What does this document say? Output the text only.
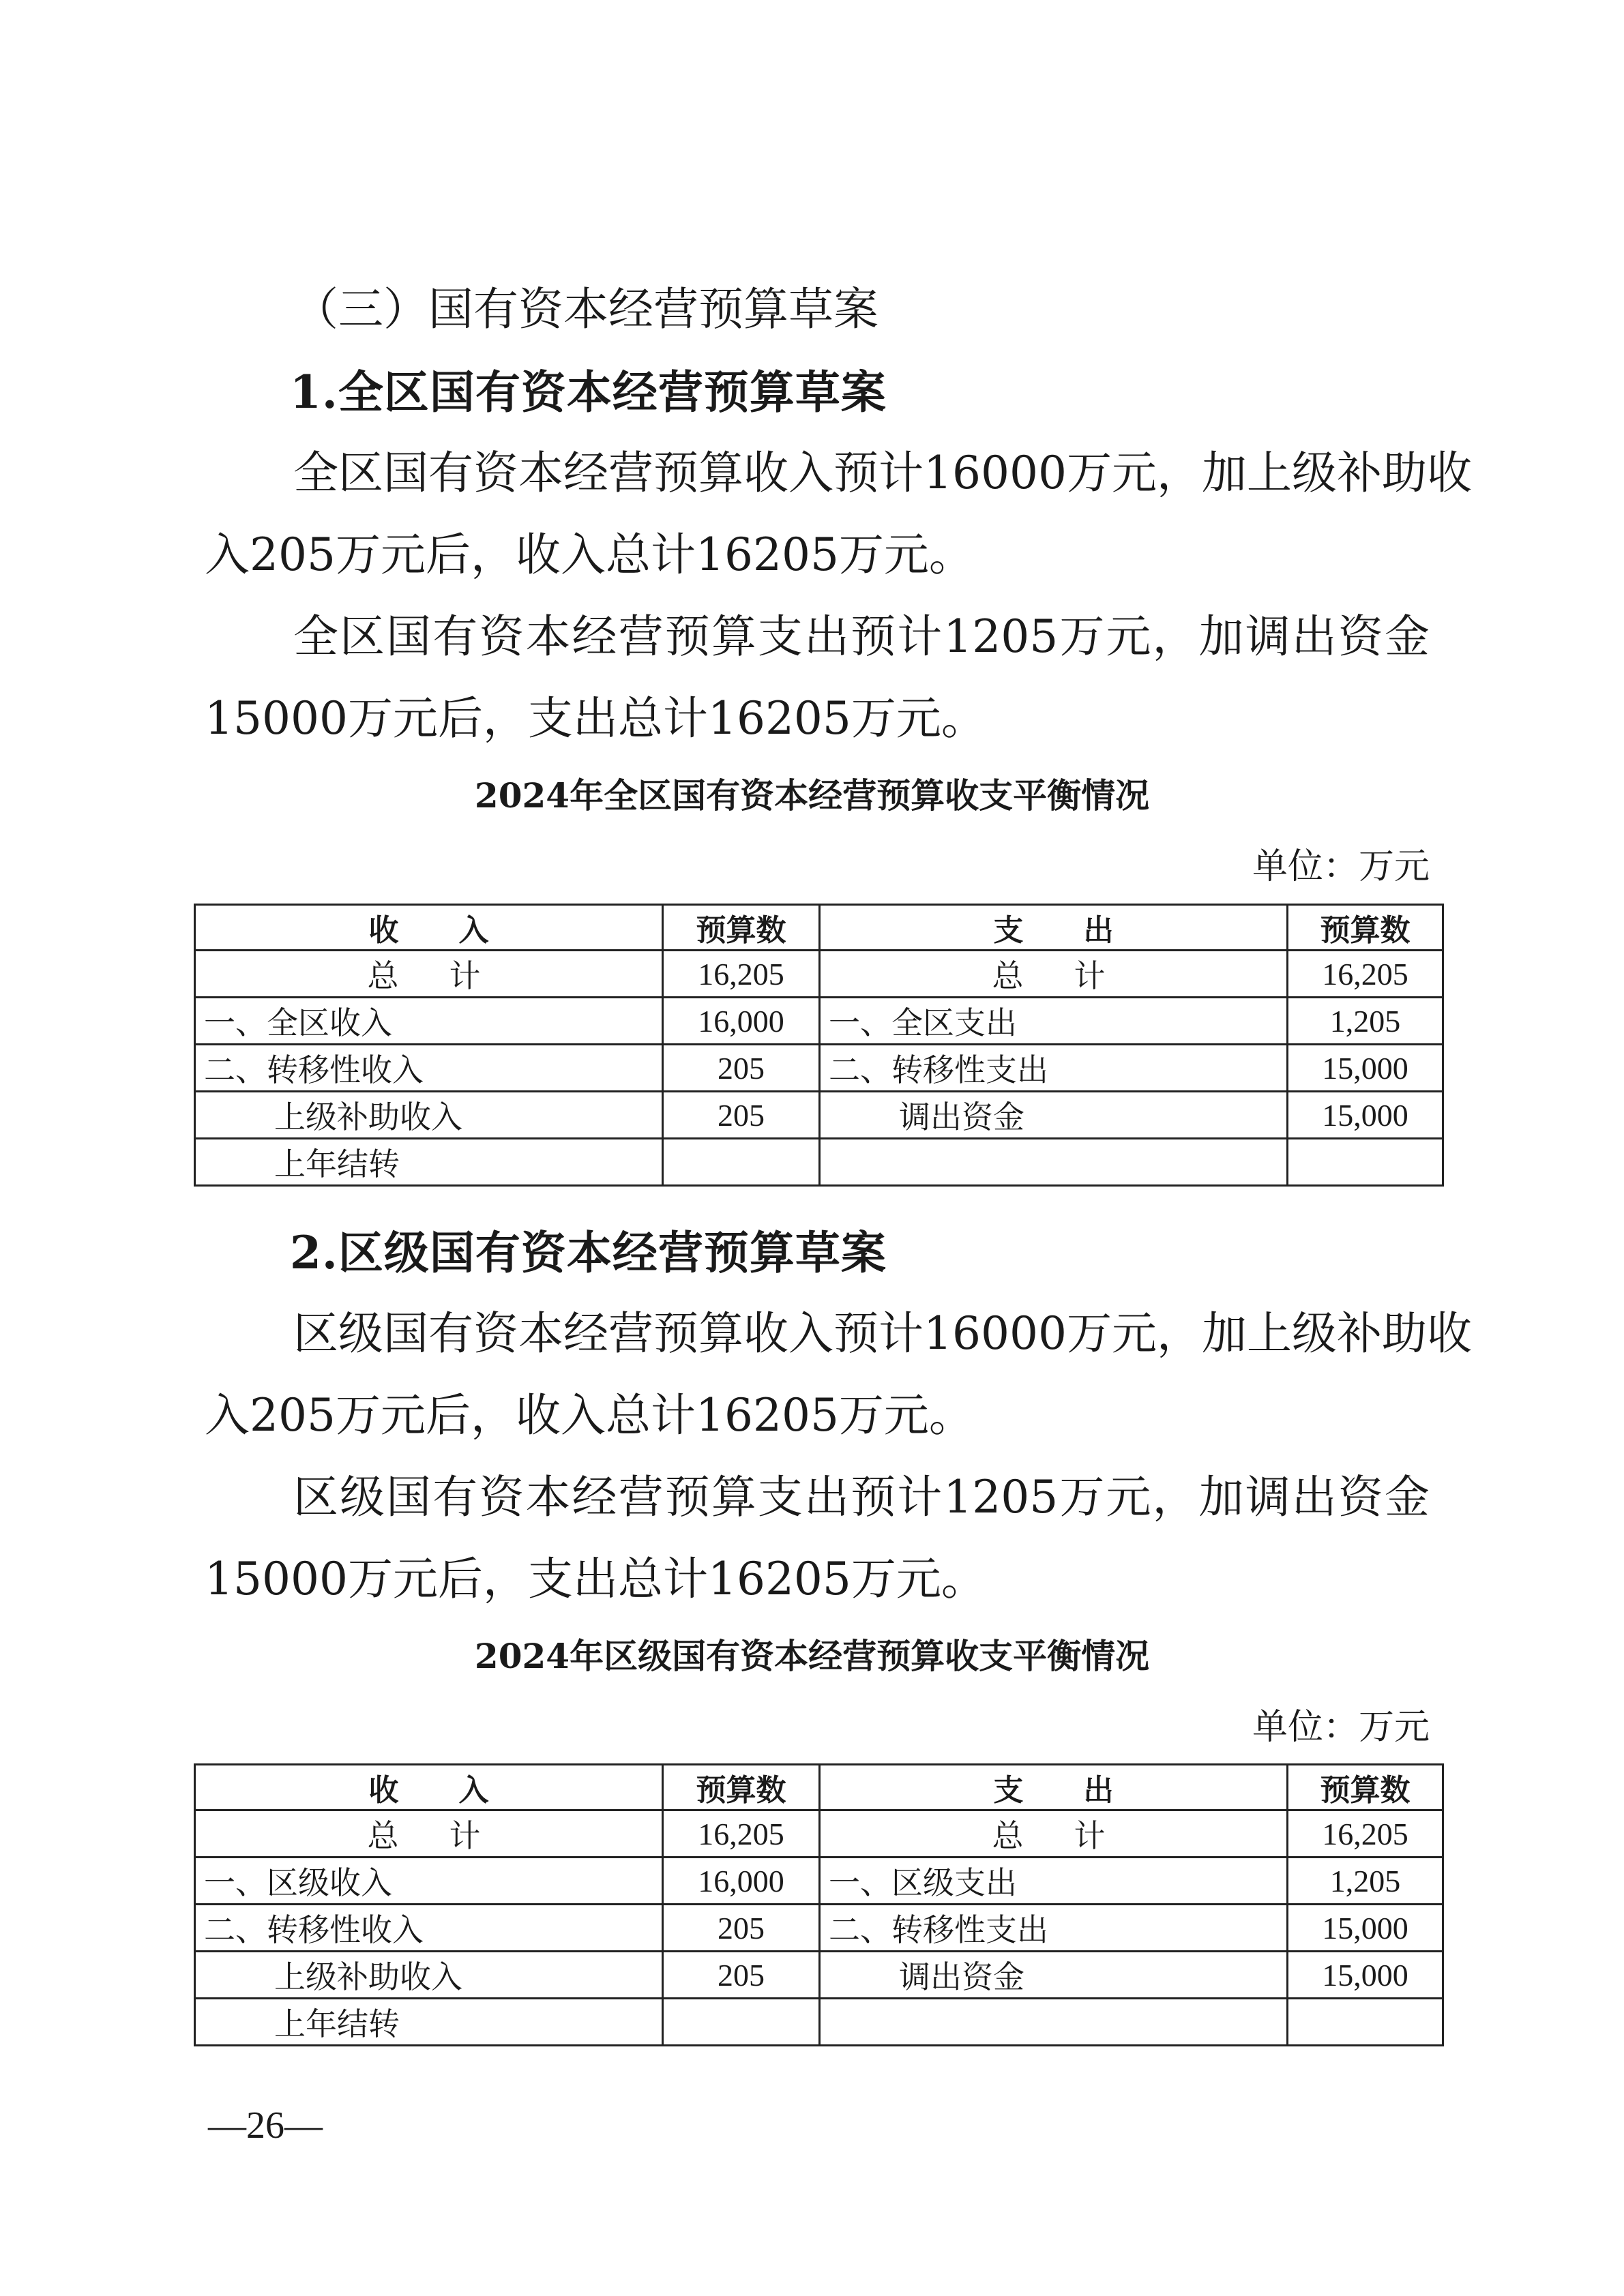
（三）国有资本经营预算草案
1.全区国有资本经营预算草案
全区国有资本经营预算收入预计16000万元，加上级补助收
入205万元后，收入总计16205万元。
全区国有资本经营预算支出预计1205万元，加调出资金
15000万元后，支出总计16205万元。
2024年全区国有资本经营预算收支平衡情况
单位：万元
收　　入	预算数	支　　出	预算数
总　计	16,205	总　计	16,205
一、全区收入	16,000	一、全区支出	1,205
二、转移性收入	205	二、转移性支出	15,000
上级补助收入	205	调出资金	15,000
上年结转			
2.区级国有资本经营预算草案
区级国有资本经营预算收入预计16000万元，加上级补助收
入205万元后，收入总计16205万元。
区级国有资本经营预算支出预计1205万元，加调出资金
15000万元后，支出总计16205万元。
2024年区级国有资本经营预算收支平衡情况
单位：万元
收　　入	预算数	支　　出	预算数
总　计	16,205	总　计	16,205
一、区级收入	16,000	一、区级支出	1,205
二、转移性收入	205	二、转移性支出	15,000
上级补助收入	205	调出资金	15,000
上年结转			
—26—
